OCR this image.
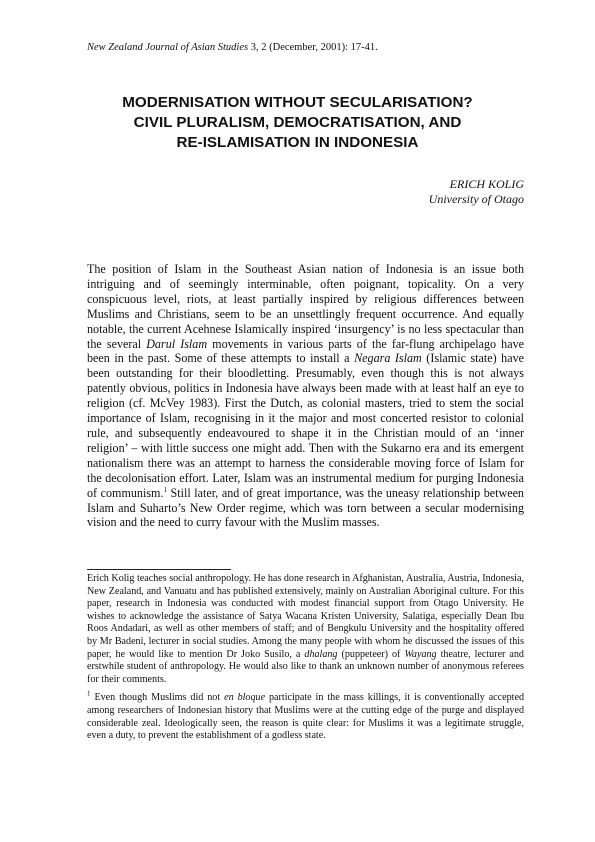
New Zealand Journal of Asian Studies 3, 2 (December, 2001): 17-41.
MODERNISATION WITHOUT SECULARISATION?
CIVIL PLURALISM, DEMOCRATISATION, AND
RE-ISLAMISATION IN INDONESIA
ERICH KOLIG
University of Otago

The position of Islam in the Southeast Asian nation of Indonesia is an issue both intriguing and of seemingly interminable, often poignant, topicality. On a very conspicuous level, riots, at least partially inspired by religious differences between Muslims and Christians, seem to be an unsettlingly frequent occurrence. And equally notable, the current Acehnese Islamically inspired ‘insurgency’ is no less spectacular than the several Darul Islam movements in various parts of the far-flung archipelago have been in the past. Some of these attempts to install a Negara Islam (Islamic state) have been outstanding for their bloodletting. Presumably, even though this is not always patently obvious, politics in Indonesia have always been made with at least half an eye to religion (cf. McVey 1983). First the Dutch, as colonial masters, tried to stem the social importance of Islam, recognising in it the major and most concerted resistor to colonial rule, and subsequently endeavoured to shape it in the Christian mould of an ‘inner religion’ – with little success one might add. Then with the Sukarno era and its emergent nationalism there was an attempt to harness the considerable moving force of Islam for the decolonisation effort. Later, Islam was an instrumental medium for purging Indonesia of communism.$^1$ Still later, and of great importance, was the uneasy relationship between Islam and Suharto’s New Order regime, which was torn between a secular modernising vision and the need to curry favour with the Muslim masses.

Erich Kolig teaches social anthropology. He has done research in Afghanistan, Australia, Austria, Indonesia, New Zealand, and Vanuatu and has published extensively, mainly on Australian Aboriginal culture. For this paper, research in Indonesia was conducted with modest financial support from Otago University. He wishes to acknowledge the assistance of Satya Wacana Kristen University, Salatiga, especially Dean Ibu Roos Andadari, as well as other members of staff; and of Bengkulu University and the hospitality offered by Mr Badeni, lecturer in social studies. Among the many people with whom he discussed the issues of this paper, he would like to mention Dr Joko Susilo, a dhalang (puppeteer) of Wayang theatre, lecturer and erstwhile student of anthropology. He would also like to thank an unknown number of anonymous referees for their comments.

$^1$ Even though Muslims did not en bloque participate in the mass killings, it is conventionally accepted among researchers of Indonesian history that Muslims were at the cutting edge of the purge and displayed considerable zeal. Ideologically seen, the reason is quite clear: for Muslims it was a legitimate struggle, even a duty, to prevent the establishment of a godless state.
